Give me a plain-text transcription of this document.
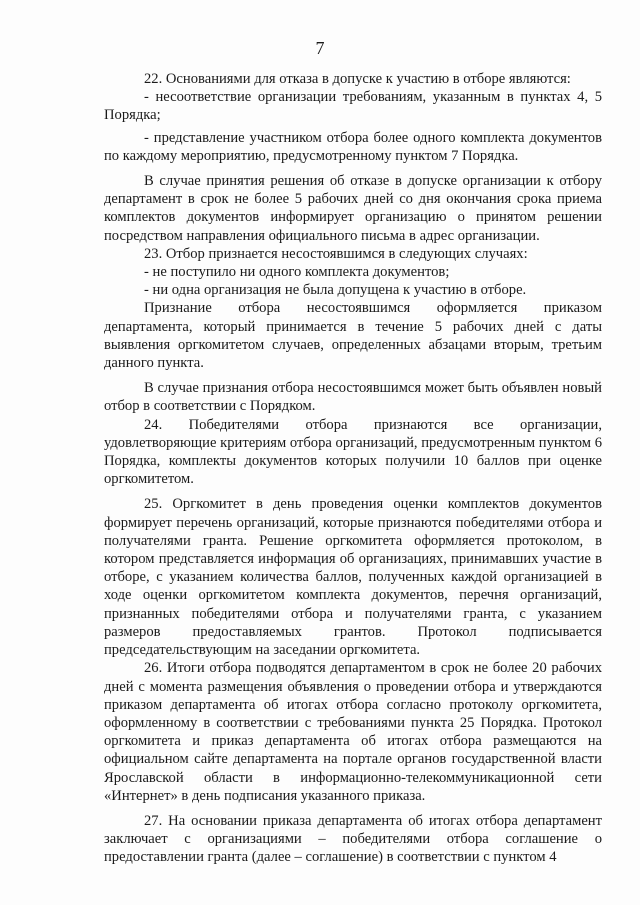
7

22. Основаниями для отказа в допуске к участию в отборе являются:

- несоответствие организации требованиям, указанным в пунктах 4, 5 Порядка;

- представление участником отбора более одного комплекта документов по каждому мероприятию, предусмотренному пунктом 7 Порядка.

В случае принятия решения об отказе в допуске организации к отбору департамент в срок не более 5 рабочих дней со дня окончания срока приема комплектов документов информирует организацию о принятом решении посредством направления официального письма в адрес организации.

23. Отбор признается несостоявшимся в следующих случаях:

- не поступило ни одного комплекта документов;

- ни одна организация не была допущена к участию в отборе.

Признание отбора несостоявшимся оформляется приказом департамента, который принимается в течение 5 рабочих дней с даты выявления оргкомитетом случаев, определенных абзацами вторым, третьим данного пункта.

В случае признания отбора несостоявшимся может быть объявлен новый отбор в соответствии с Порядком.

24. Победителями отбора признаются все организации, удовлетворяющие критериям отбора организаций, предусмотренным пунктом 6 Порядка, комплекты документов которых получили 10 баллов при оценке оргкомитетом.

25. Оргкомитет в день проведения оценки комплектов документов формирует перечень организаций, которые признаются победителями отбора и получателями гранта. Решение оргкомитета оформляется протоколом, в котором представляется информация об организациях, принимавших участие в отборе, с указанием количества баллов, полученных каждой организацией в ходе оценки оргкомитетом комплекта документов, перечня организаций, признанных победителями отбора и получателями гранта, с указанием размеров предоставляемых грантов. Протокол подписывается председательствующим на заседании оргкомитета.

26. Итоги отбора подводятся департаментом в срок не более 20 рабочих дней с момента размещения объявления о проведении отбора и утверждаются приказом департамента об итогах отбора согласно протоколу оргкомитета, оформленному в соответствии с требованиями пункта 25 Порядка. Протокол оргкомитета и приказ департамента об итогах отбора размещаются на официальном сайте департамента на портале органов государственной власти Ярославской области в информационно-телекоммуникационной сети «Интернет» в день подписания указанного приказа.

27. На основании приказа департамента об итогах отбора департамент заключает с организациями – победителями отбора соглашение о предоставлении гранта (далее – соглашение) в соответствии с пунктом 4
